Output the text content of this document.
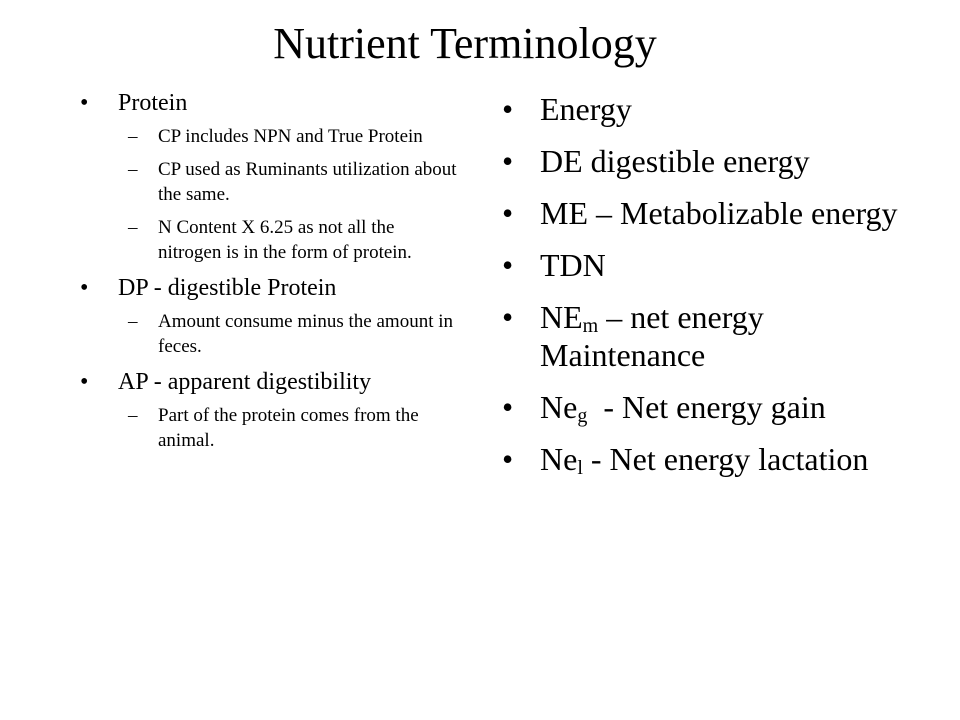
Nutrient Terminology
•	Protein
– CP includes NPN and True Protein
– CP used as Ruminants utilization about the same.
– N Content X 6.25 as not all the nitrogen is in the form of protein.
•	DP - digestible Protein
– Amount consume minus the amount in feces.
•	AP - apparent digestibility
– Part of the protein comes from the animal.
• Energy
• DE digestible energy
• ME – Metabolizable energy
• TDN
• $NE_m$ – net energy Maintenance
• $Ne_g$  - Net energy gain
• $Ne_l$ - Net energy lactation
